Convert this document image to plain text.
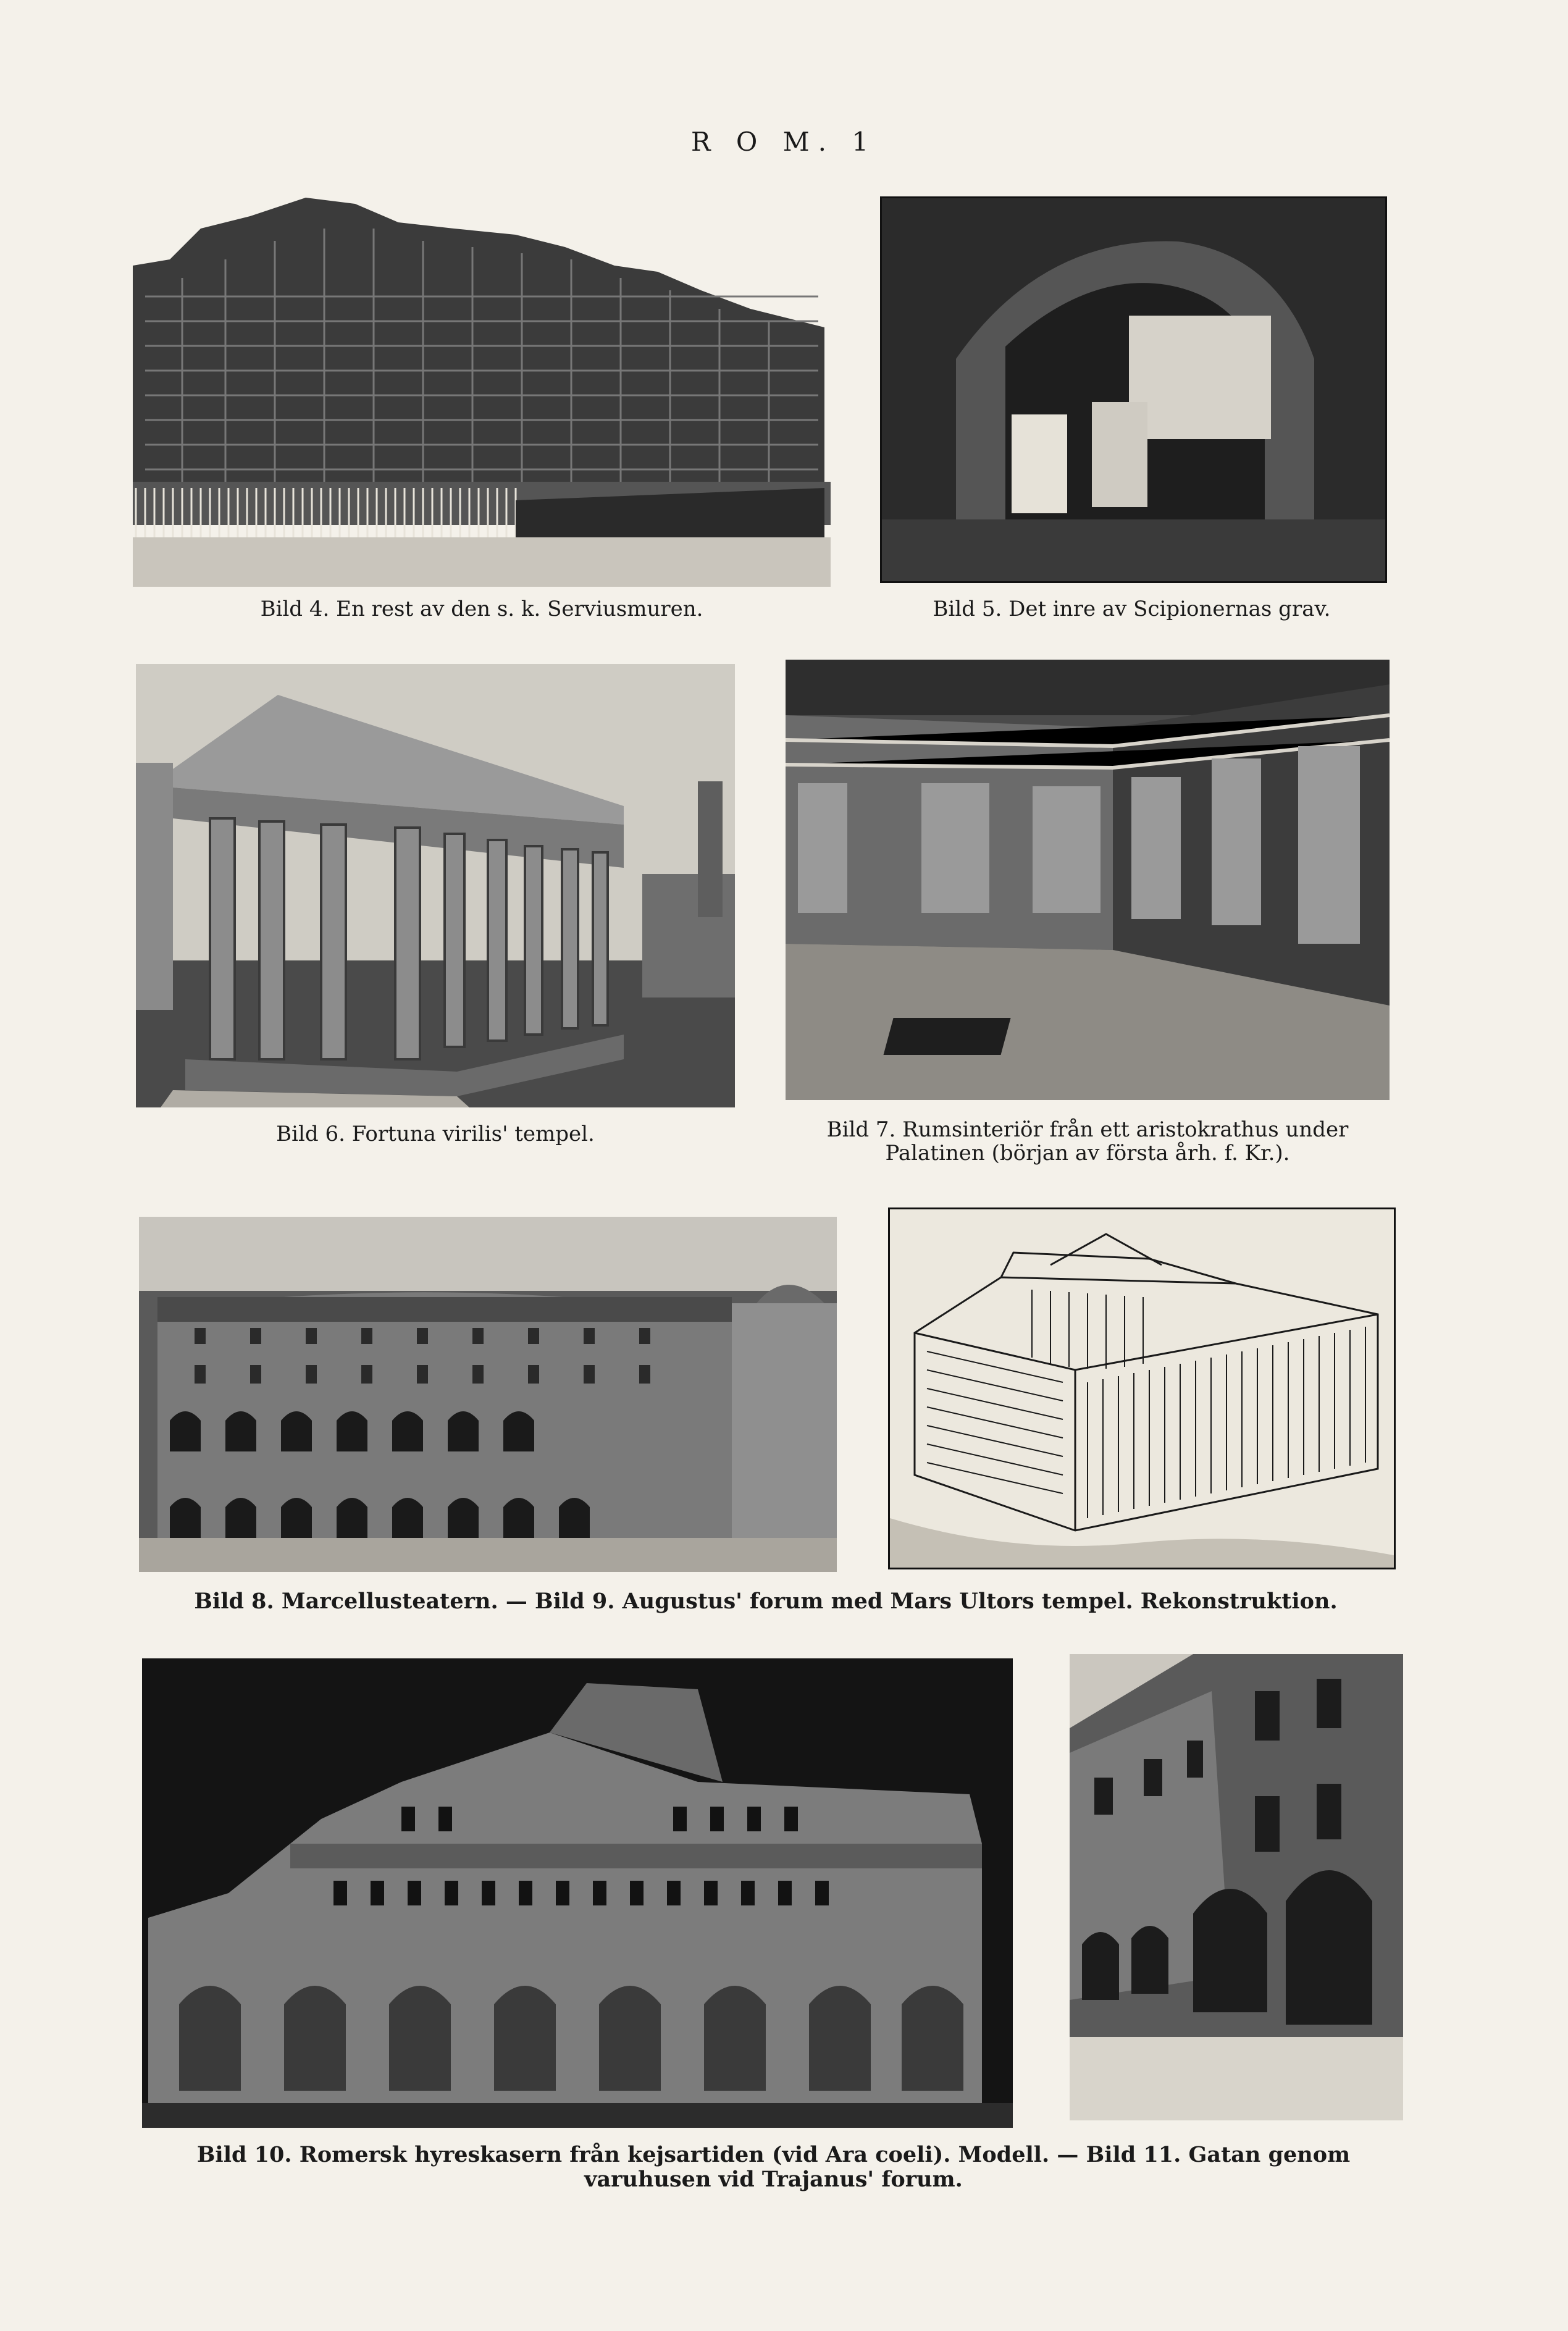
R O M. 1
Bild 4. En rest av den s. k. Serviusmuren.	Bild 5. Det inre av Scipionernas grav.
Bild 6. Fortuna virilis' tempel.	Bild 7. Rumsinteriör från ett aristokrathus under
Palatinen (början av första årh. f. Kr.).
Bild 8. Marcellusteatern. — Bild 9. Augustus' forum med Mars Ultors tempel. Rekonstruktion.
Bild 10. Romersk hyreskasern från kejsartiden (vid Ara coeli). Modell. — Bild 11. Gatan genom
varuhusen vid Trajanus' forum.
